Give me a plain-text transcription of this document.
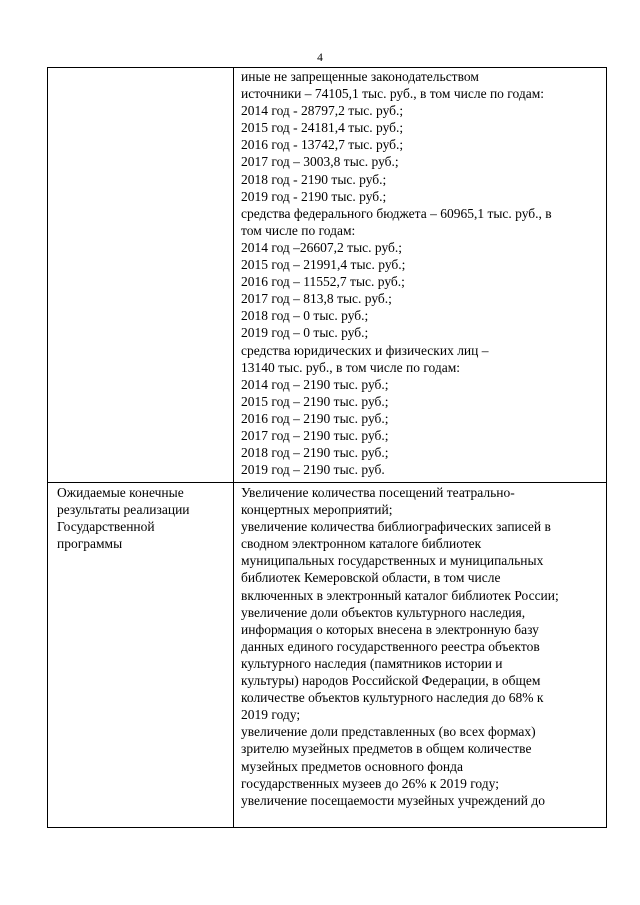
4
иные не запрещенные законодательством
источники – 74105,1 тыс. руб., в том числе по годам:
2014 год - 28797,2 тыс. руб.;
2015 год - 24181,4 тыс. руб.;
2016 год - 13742,7 тыс. руб.;
2017 год – 3003,8 тыс. руб.;
2018 год - 2190 тыс. руб.;
2019 год - 2190 тыс. руб.;
средства федерального бюджета – 60965,1 тыс. руб., в
том числе по годам:
2014 год –26607,2 тыс. руб.;
2015 год – 21991,4 тыс. руб.;
2016 год – 11552,7 тыс. руб.;
2017 год – 813,8 тыс. руб.;
2018 год – 0 тыс. руб.;
2019 год – 0 тыс. руб.;
средства юридических и физических лиц –
13140 тыс. руб., в том числе по годам:
2014 год – 2190 тыс. руб.;
2015 год – 2190 тыс. руб.;
2016 год – 2190 тыс. руб.;
2017 год – 2190 тыс. руб.;
2018 год – 2190 тыс. руб.;
2019 год – 2190 тыс. руб.
Ожидаемые конечные
результаты реализации
Государственной
программы
Увеличение количества посещений театрально-
концертных мероприятий;
увеличение количества библиографических записей в
сводном электронном каталоге библиотек
муниципальных государственных и муниципальных
библиотек Кемеровской области, в том числе
включенных в электронный каталог библиотек России;
увеличение доли объектов культурного наследия,
информация о которых внесена в электронную базу
данных единого государственного реестра объектов
культурного наследия (памятников истории и
культуры) народов Российской Федерации, в общем
количестве объектов культурного наследия до 68% к
2019 году;
увеличение доли представленных (во всех формах)
зрителю музейных предметов в общем количестве
музейных предметов основного фонда
государственных музеев до 26% к 2019 году;
увеличение посещаемости музейных учреждений до
